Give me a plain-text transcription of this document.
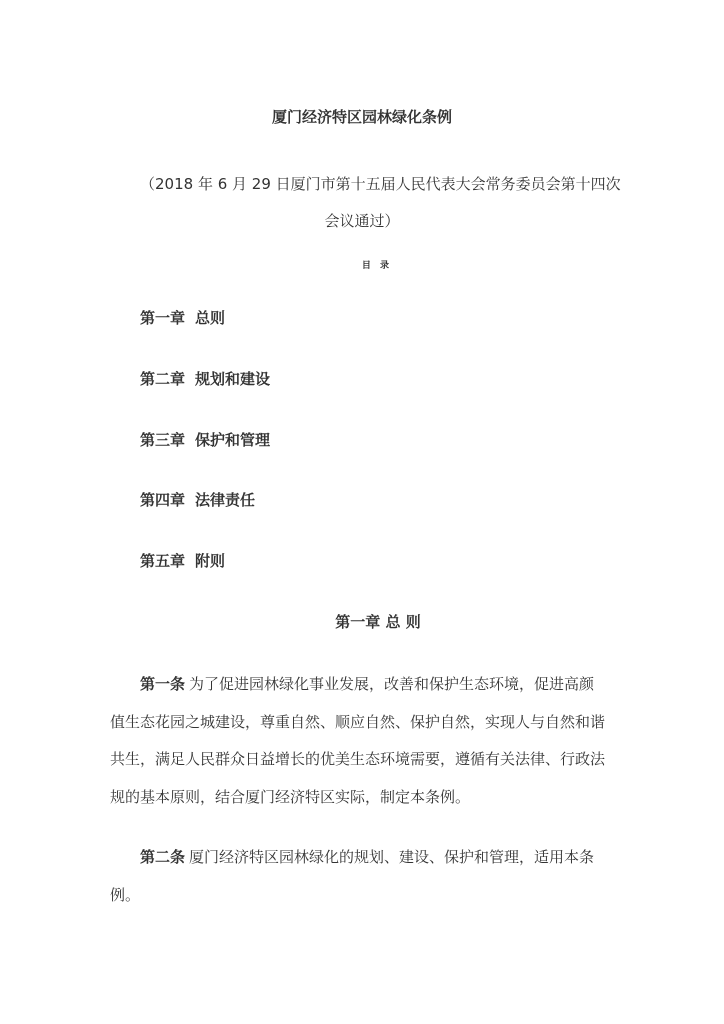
厦门经济特区园林绿化条例
（2018 年 6 月 29 日厦门市第十五届人民代表大会常务委员会第十四次
会议通过）
目 录
第一章 总则
第二章 规划和建设
第三章 保护和管理
第四章 法律责任
第五章 附则
第一章 总 则
第一条 为了促进园林绿化事业发展，改善和保护生态环境，促进高颜
值生态花园之城建设，尊重自然、顺应自然、保护自然，实现人与自然和谐
共生，满足人民群众日益增长的优美生态环境需要，遵循有关法律、行政法
规的基本原则，结合厦门经济特区实际，制定本条例。
第二条 厦门经济特区园林绿化的规划、建设、保护和管理，适用本条
例。
